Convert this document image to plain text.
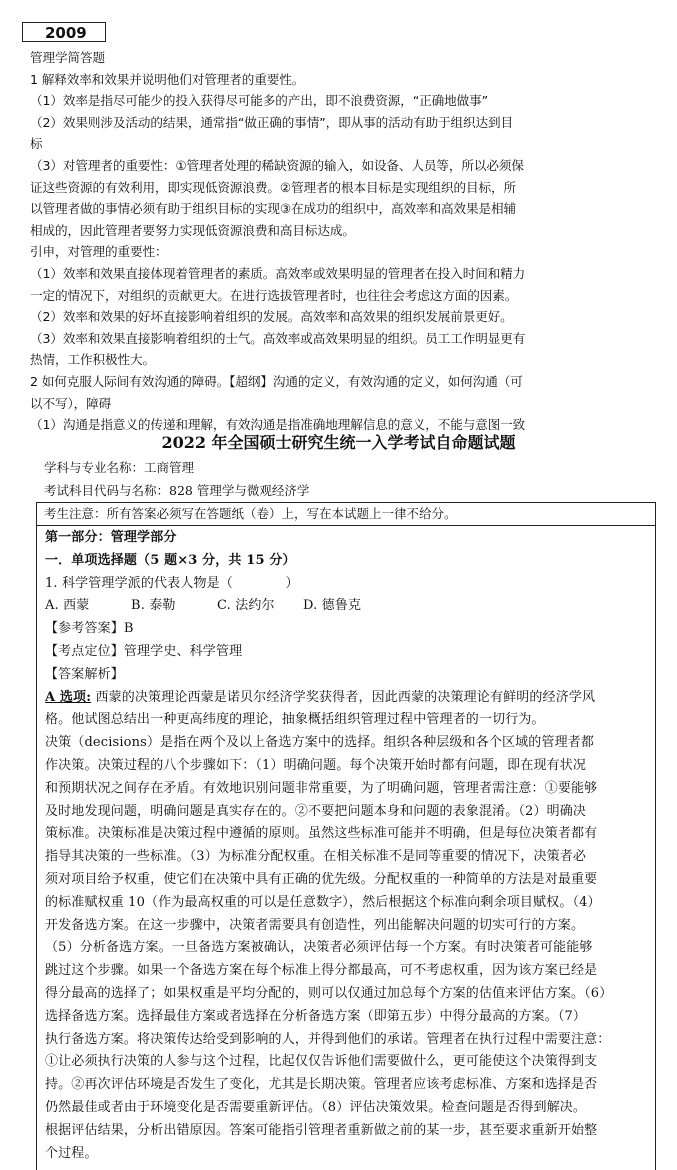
2009
管理学简答题
1 解释效率和效果并说明他们对管理者的重要性。
（1）效率是指尽可能少的投入获得尽可能多的产出，即不浪费资源，“正确地做事”
（2）效果则涉及活动的结果，通常指“做正确的事情”，即从事的活动有助于组织达到目
标
（3）对管理者的重要性：①管理者处理的稀缺资源的输入，如设备、人员等，所以必须保
证这些资源的有效利用，即实现低资源浪费。②管理者的根本目标是实现组织的目标，所
以管理者做的事情必须有助于组织目标的实现③在成功的组织中，高效率和高效果是相辅
相成的，因此管理者要努力实现低资源浪费和高目标达成。
引申，对管理的重要性：
（1）效率和效果直接体现着管理者的素质。高效率或效果明显的管理者在投入时间和精力
一定的情况下，对组织的贡献更大。在进行选拔管理者时，也往往会考虑这方面的因素。
（2）效率和效果的好坏直接影响着组织的发展。高效率和高效果的组织发展前景更好。
（3）效率和效果直接影响着组织的士气。高效率或高效果明显的组织。员工工作明显更有
热情，工作积极性大。
2 如何克服人际间有效沟通的障碍。【超纲】沟通的定义，有效沟通的定义，如何沟通（可
以不写），障碍
（1）沟通是指意义的传递和理解，有效沟通是指准确地理解信息的意义，不能与意图一致
2022 年全国硕士研究生统一入学考试自命题试题
学科与专业名称：工商管理
考试科目代码与名称：828 管理学与微观经济学
考生注意：所有答案必须写在答题纸（卷）上，写在本试题上一律不给分。
第一部分：管理学部分
一．单项选择题（5 题×3 分，共 15 分）
1. 科学管理学派的代表人物是（　　　　）
A. 西蒙	B. 泰勒	C. 法约尔 D. 德鲁克
【参考答案】B
【考点定位】管理学史、科学管理
【答案解析】
A 选项: 西蒙的决策理论西蒙是诺贝尔经济学奖获得者，因此西蒙的决策理论有鲜明的经济学风
格。他试图总结出一种更高纬度的理论，抽象概括组织管理过程中管理者的一切行为。
决策（decisions）是指在两个及以上备选方案中的选择。组织各种层级和各个区域的管理者都
作决策。决策过程的八个步骤如下：（1）明确问题。每个决策开始时都有问题，即在现有状况
和预期状况之间存在矛盾。有效地识别问题非常重要，为了明确问题，管理者需注意：①要能够
及时地发现问题，明确问题是真实存在的。②不要把问题本身和问题的表象混淆。（2）明确决
策标准。决策标准是决策过程中遵循的原则。虽然这些标准可能并不明确，但是每位决策者都有
指导其决策的一些标准。（3）为标准分配权重。在相关标准不是同等重要的情况下，决策者必
须对项目给予权重，使它们在决策中具有正确的优先级。分配权重的一种简单的方法是对最重要
的标准赋权重 10（作为最高权重的可以是任意数字），然后根据这个标准向剩余项目赋权。（4）
开发备选方案。在这一步骤中，决策者需要具有创造性，列出能解决问题的切实可行的方案。
（5）分析备选方案。一旦备选方案被确认，决策者必须评估每一个方案。有时决策者可能能够
跳过这个步骤。如果一个备选方案在每个标准上得分都最高，可不考虑权重，因为该方案已经是
得分最高的选择了；如果权重是平均分配的，则可以仅通过加总每个方案的估值来评估方案。（6）
选择备选方案。选择最佳方案或者选择在分析备选方案（即第五步）中得分最高的方案。（7）
执行备选方案。将决策传达给受到影响的人，并得到他们的承诺。管理者在执行过程中需要注意：
①让必须执行决策的人参与这个过程，比起仅仅告诉他们需要做什么，更可能使这个决策得到支
持。②再次评估环境是否发生了变化，尤其是长期决策。管理者应该考虑标准、方案和选择是否
仍然最佳或者由于环境变化是否需要重新评估。（8）评估决策效果。检查问题是否得到解决。
根据评估结果，分析出错原因。答案可能指引管理者重新做之前的某一步，甚至要求重新开始整
个过程。
